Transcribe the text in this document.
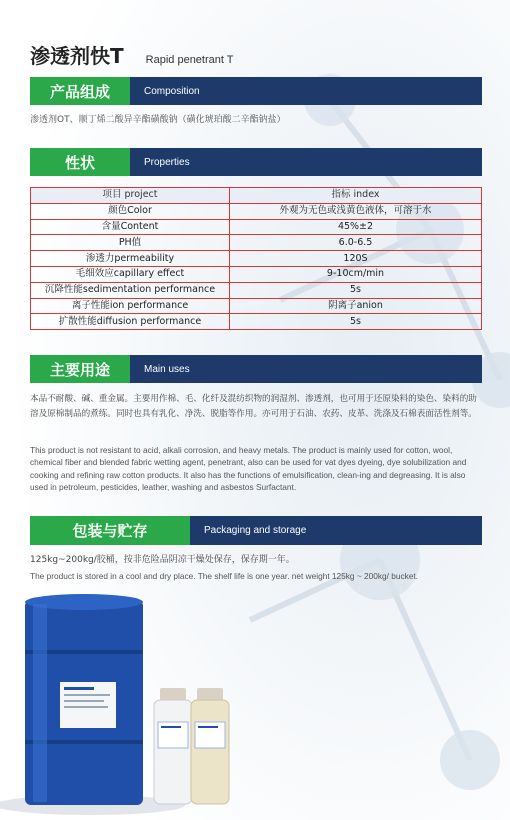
渗透剂快T Rapid penetrant T
产品组成	Composition
渗透剂OT、顺丁烯二酸异辛酯磺酸钠（磺化琥珀酸二辛酯钠盐）
性状	Properties
项目 project	指标 index
颜色Color	外观为无色或浅黄色液体，可溶于水
含量Content	45%±2
PH值	6.0-6.5
渗透力permeability	120S
毛细效应capillary effect	9-10cm/min
沉降性能sedimentation performance	5s
离子性能ion performance	阴离子anion
扩散性能diffusion performance	5s
主要用途	Main uses
本品不耐酸、碱、重金属。主要用作棉、毛、化纤及混纺织物的润湿剂、渗透剂，也可用于还原染料的染色、染料的助溶及原棉制品的煮练。同时也具有乳化、净洗、脱脂等作用。亦可用于石油、农药、皮革、洗涤及石棉表面活性剂等。
This product is not resistant to acid, alkali corrosion, and heavy metals. The product is mainly used for cotton, wool, chemical fiber and blended fabric wetting agent, penetrant, also can be used for vat dyes dyeing, dye solubilization and cooking and refining raw cotton products. It also has the functions of emulsification, clean-ing and degreasing. It is also used in petroleum, pesticides, leather, washing and asbestos Surfactant.
包装与贮存	Packaging and storage
125kg~200kg/胶桶，按非危险品阴凉干燥处保存，保存期一年。
The product is stored in a cool and dry place. The shelf life is one year. net weight 125kg ~ 200kg/ bucket.
